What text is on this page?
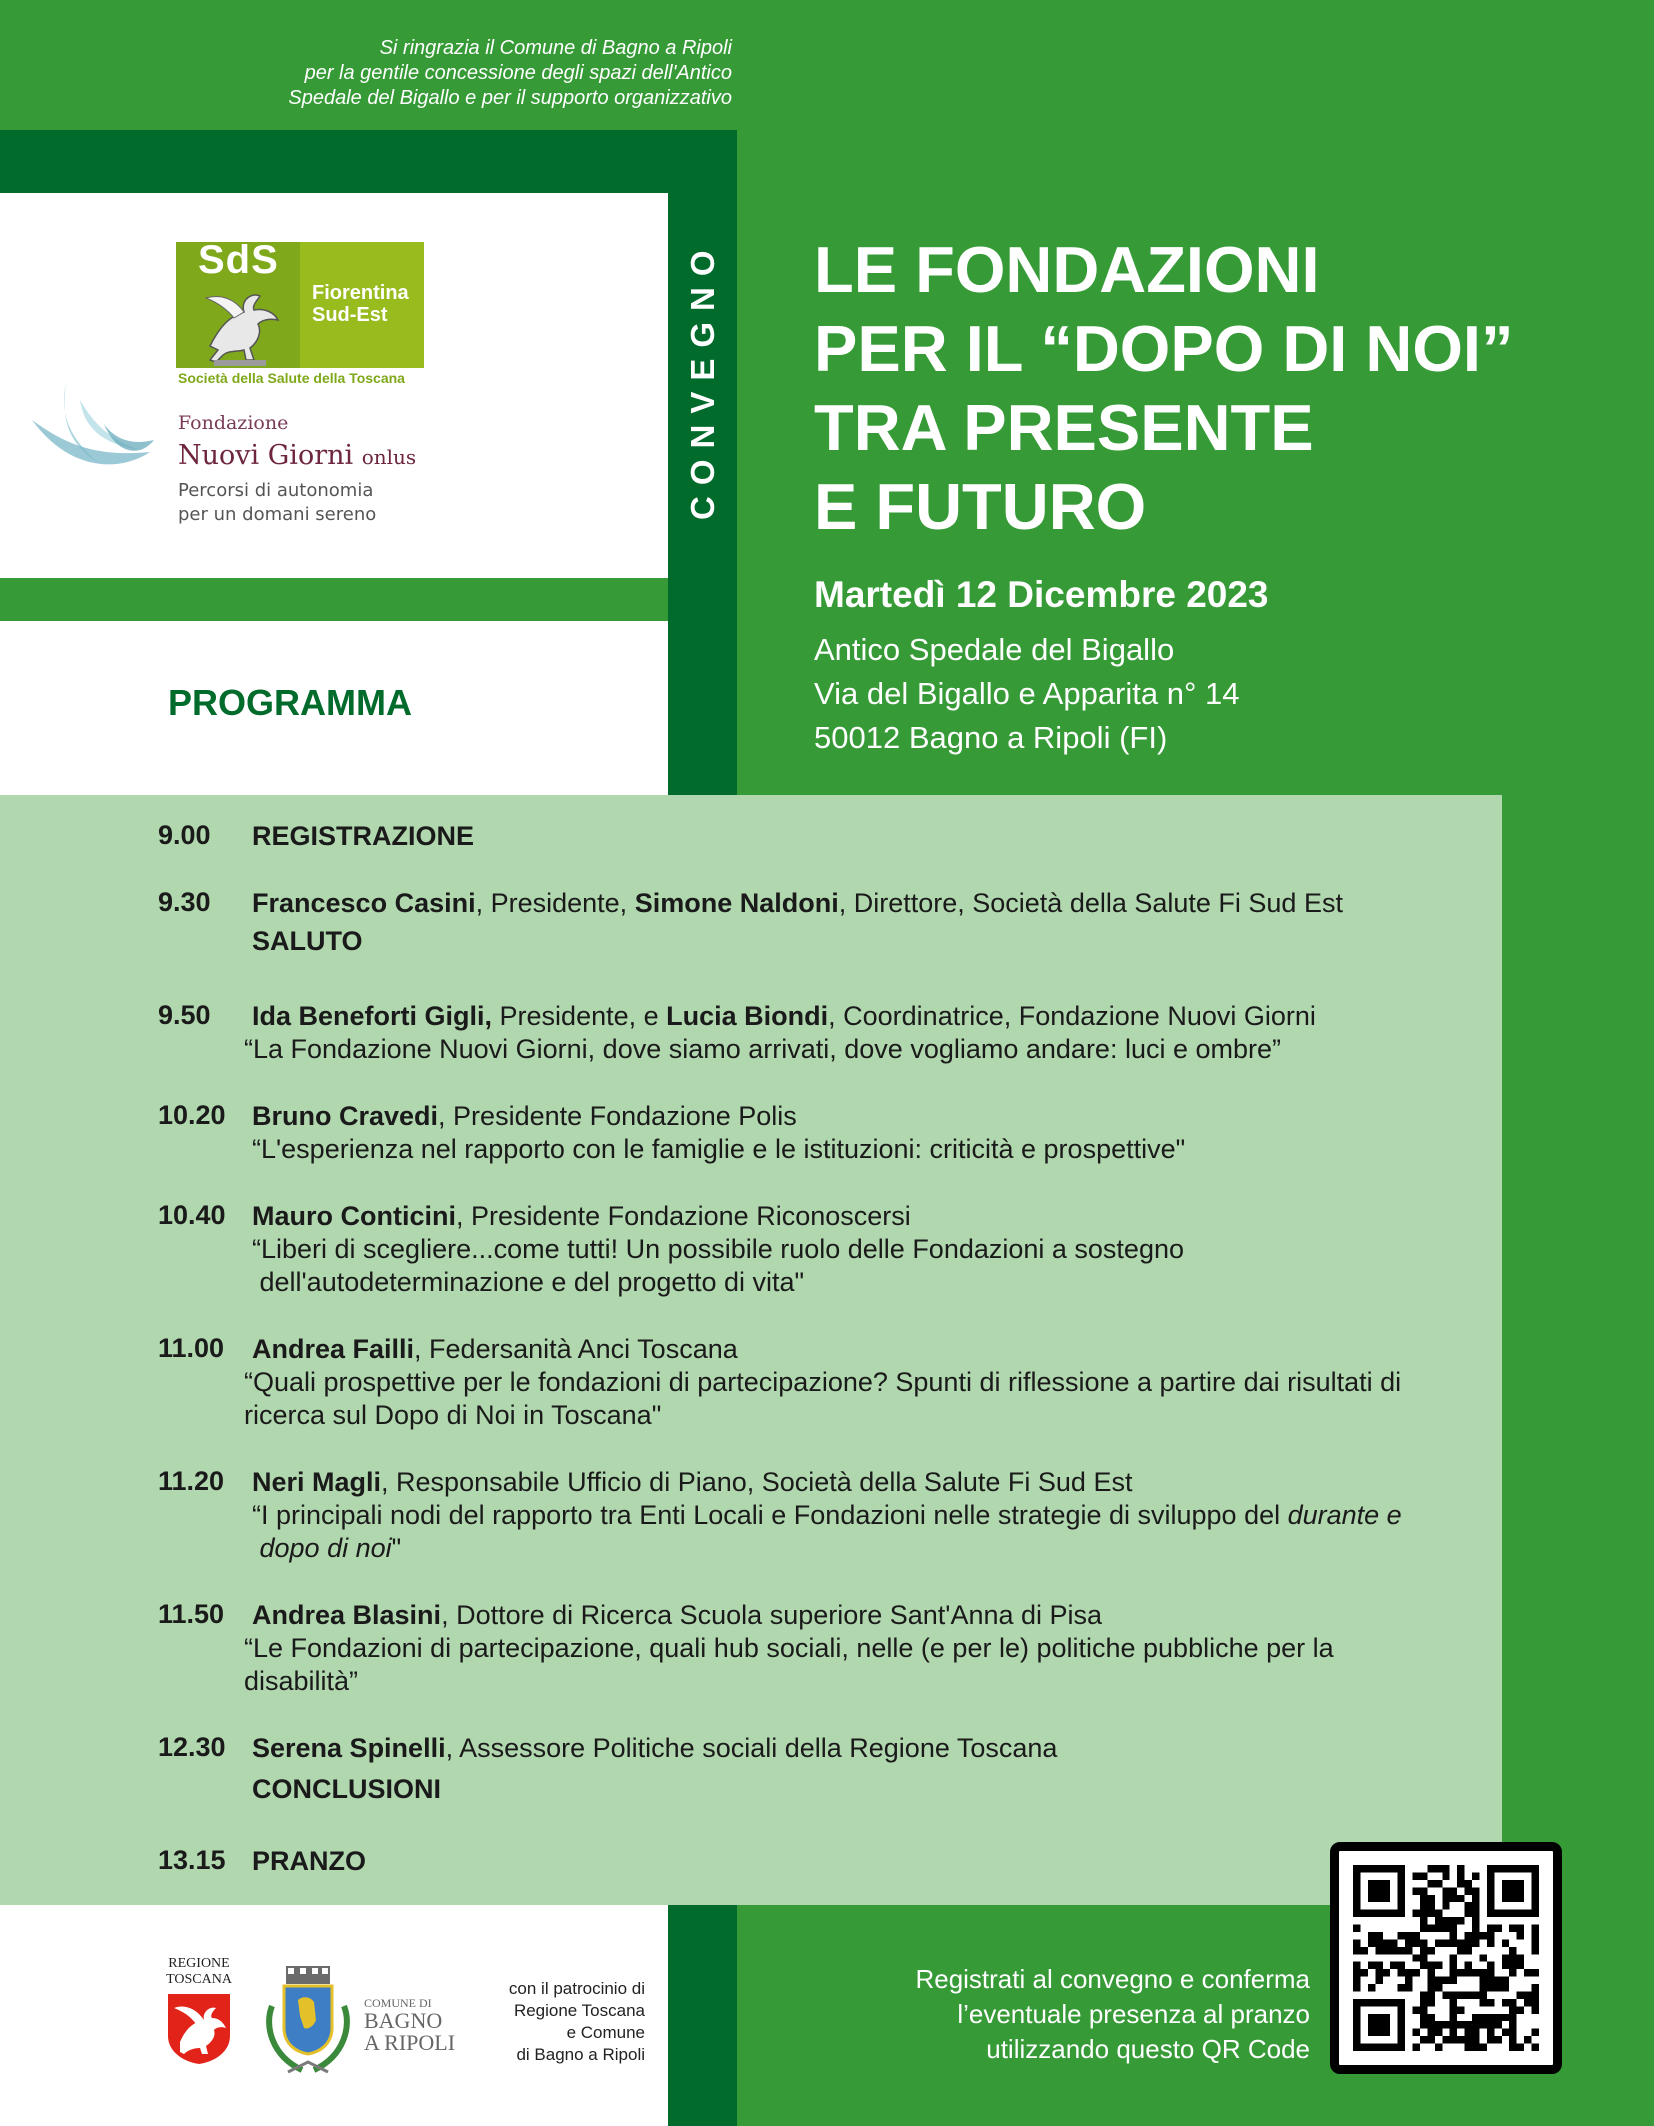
Si ringrazia il Comune di Bagno a Ripoli
per la gentile concessione degli spazi dell'Antico
Spedale del Bigallo e per il supporto organizzativo
SdS
Fiorentina
Sud-Est
Società della Salute della Toscana
Fondazione
Nuovi Giorni onlus
Percorsi di autonomia
per un domani sereno	CONVEGNO LE FONDAZIONI
PER IL “DOPO DI NOI”
TRA PRESENTE
E FUTURO
Martedì 12 Dicembre 2023
Antico Spedale del Bigallo
Via del Bigallo e Apparita n° 14
50012 Bagno a Ripoli (FI)
PROGRAMMA
9.00 REGISTRAZIONE
9.30 Francesco Casini, Presidente, Simone Naldoni, Direttore, Società della Salute Fi Sud Est
SALUTO
9.50 Ida Beneforti Gigli, Presidente, e Lucia Biondi, Coordinatrice, Fondazione Nuovi Giorni
“La Fondazione Nuovi Giorni, dove siamo arrivati, dove vogliamo andare: luci e ombre”
10.20 Bruno Cravedi, Presidente Fondazione Polis
“L'esperienza nel rapporto con le famiglie e le istituzioni: criticità e prospettive"
10.40 Mauro Conticini, Presidente Fondazione Riconoscersi
“Liberi di scegliere...come tutti! Un possibile ruolo delle Fondazioni a sostegno
dell'autodeterminazione e del progetto di vita"
11.00 Andrea Failli, Federsanità Anci Toscana
“Quali prospettive per le fondazioni di partecipazione? Spunti di riflessione a partire dai risultati di
ricerca sul Dopo di Noi in Toscana"
11.20 Neri Magli, Responsabile Ufficio di Piano, Società della Salute Fi Sud Est
“I principali nodi del rapporto tra Enti Locali e Fondazioni nelle strategie di sviluppo del durante e
dopo di noi"
11.50 Andrea Blasini, Dottore di Ricerca Scuola superiore Sant'Anna di Pisa
“Le Fondazioni di partecipazione, quali hub sociali, nelle (e per le) politiche pubbliche per la
disabilità”
12.30 Serena Spinelli, Assessore Politiche sociali della Regione Toscana
CONCLUSIONI
13.15 PRANZO
REGIONE
TOSCANA
COMUNE DI
BAGNO
A RIPOLI
con il patrocinio di
Regione Toscana
e Comune
di Bagno a Ripoli
Registrati al convegno e conferma
l’eventuale presenza al pranzo
utilizzando questo QR Code
